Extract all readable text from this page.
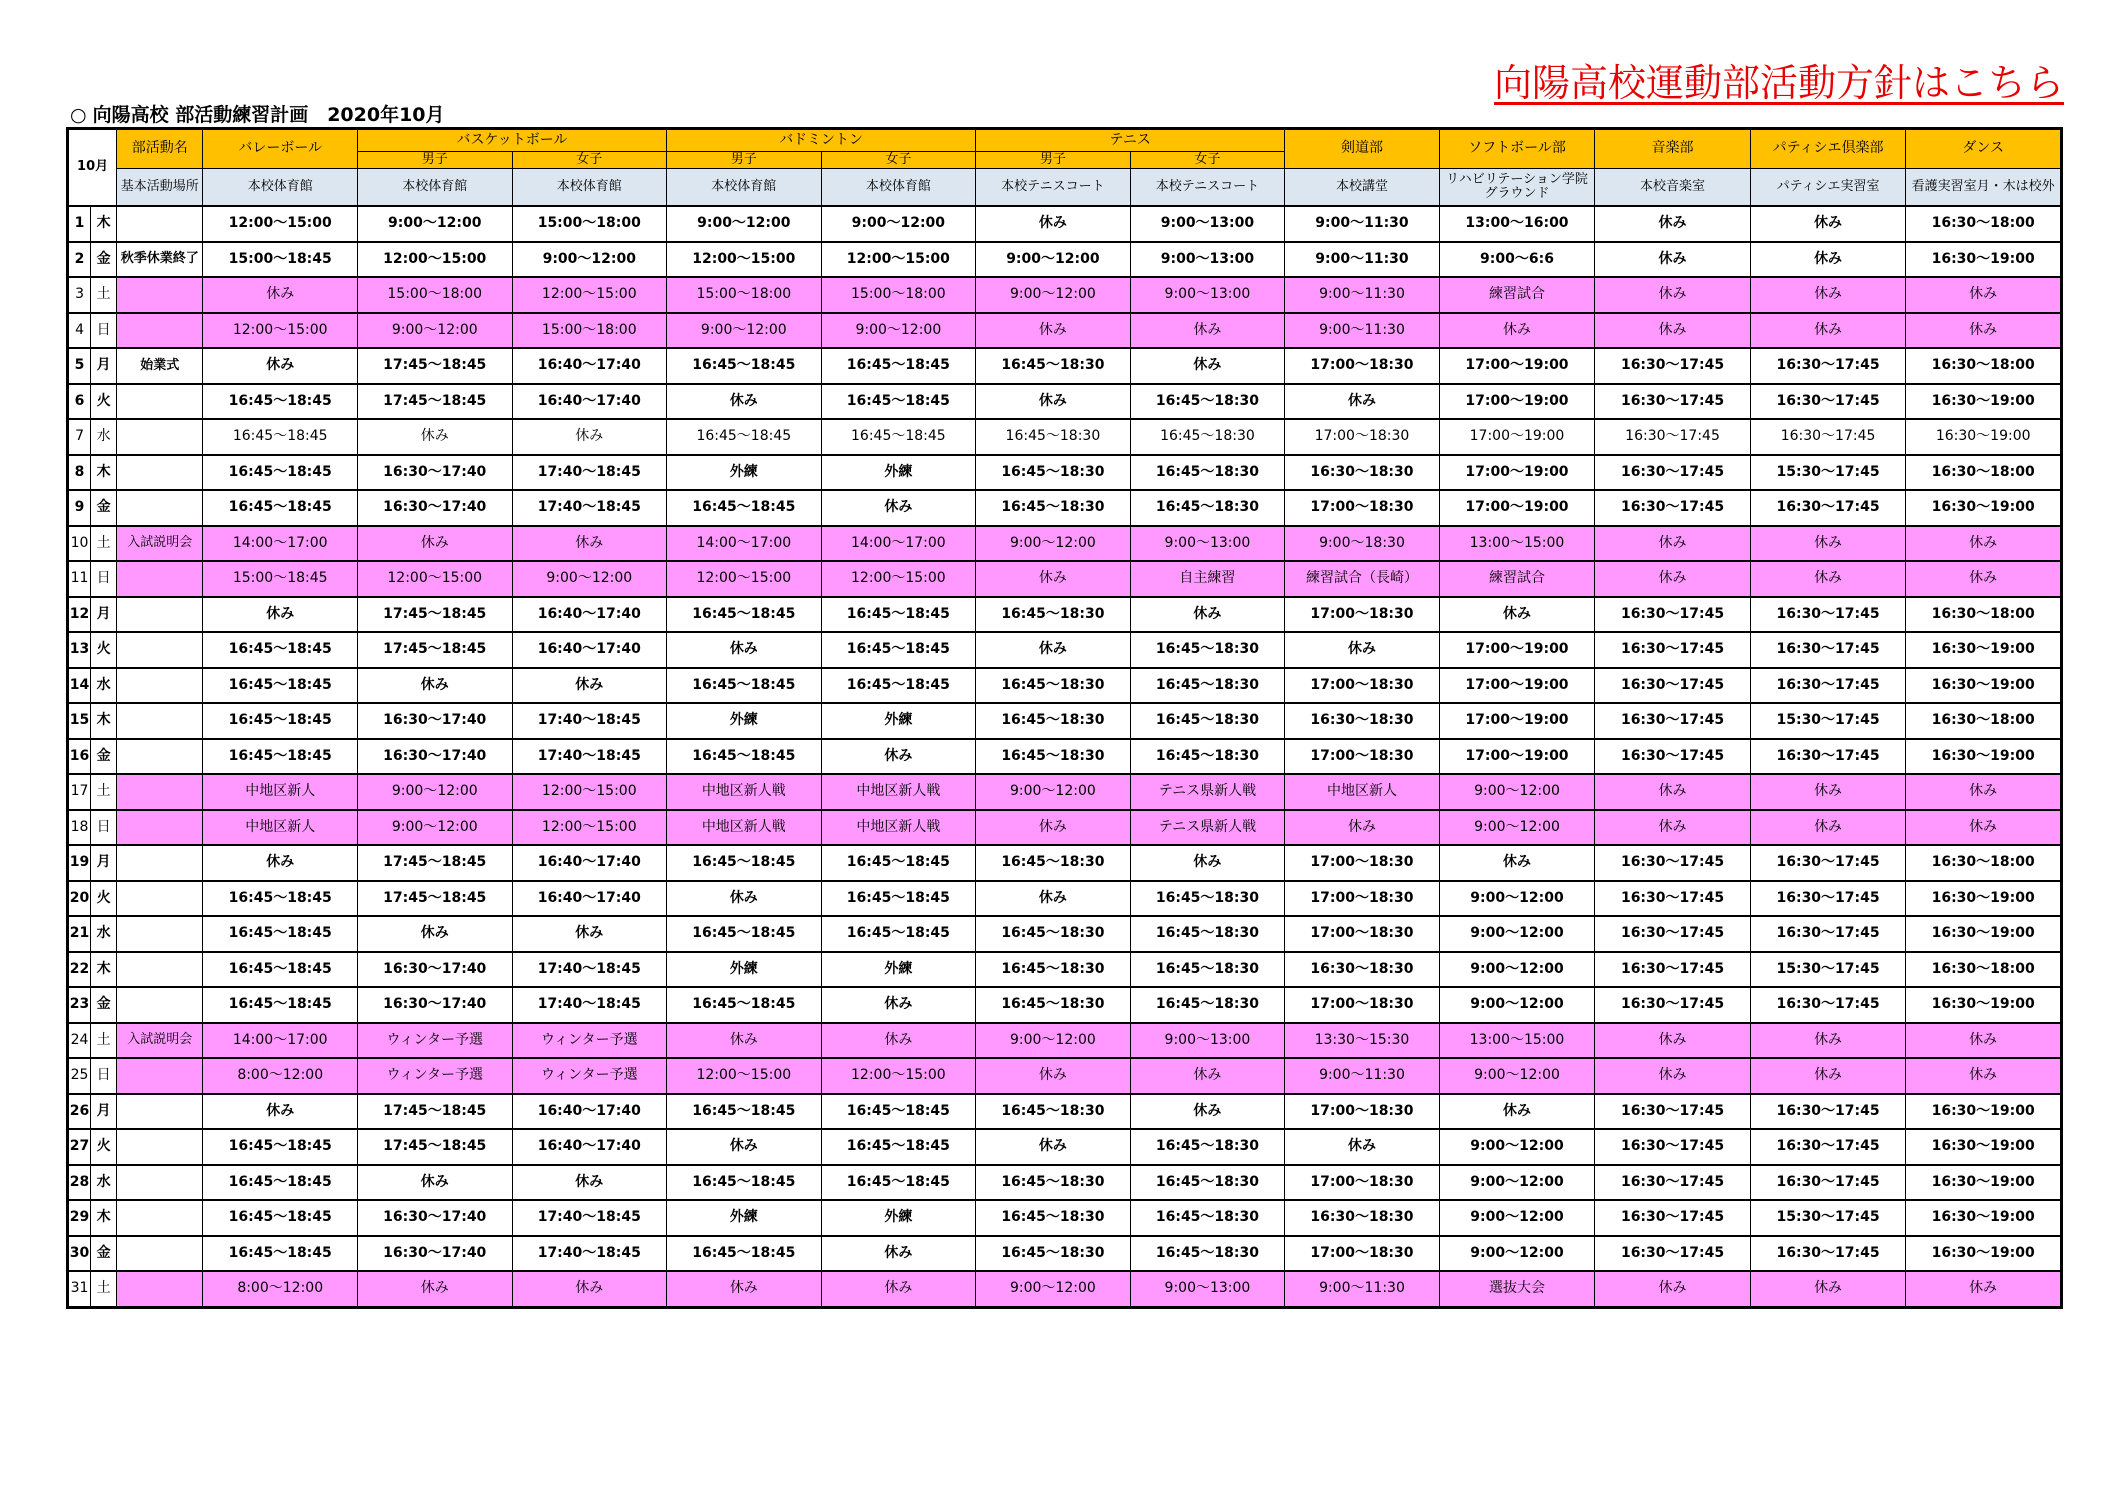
向陽高校運動部活動方針はこちら
○ 向陽高校 部活動練習計画　2020年10月
10月		部活動名	バレーボール	バスケットボール		バドミントン		テニス		剣道部	ソフトボール部	音楽部	パティシエ倶楽部	ダンス
				男子	女子	男子	女子	男子	女子					
		基本活動場所	本校体育館	本校体育館	本校体育館	本校体育館	本校体育館	本校テニスコート	本校テニスコート	本校講堂	リハビリテーション学院グラウンド	本校音楽室	パティシエ実習室	看護実習室月・木は校外
1	木		12:00～15:00	9:00～12:00	15:00～18:00	9:00～12:00	9:00～12:00	休み	9:00～13:00	9:00～11:30	13:00～16:00	休み	休み	16:30～18:00
2	金	秋季休業終了	15:00～18:45	12:00～15:00	9:00～12:00	12:00～15:00	12:00～15:00	9:00～12:00	9:00～13:00	9:00～11:30	9:00～6:6	休み	休み	16:30～19:00
3	土		休み	15:00～18:00	12:00～15:00	15:00～18:00	15:00～18:00	9:00～12:00	9:00～13:00	9:00～11:30	練習試合	休み	休み	休み
4	日		12:00～15:00	9:00～12:00	15:00～18:00	9:00～12:00	9:00～12:00	休み	休み	9:00～11:30	休み	休み	休み	休み
5	月	始業式	休み	17:45～18:45	16:40～17:40	16:45～18:45	16:45～18:45	16:45～18:30	休み	17:00～18:30	17:00～19:00	16:30～17:45	16:30～17:45	16:30～18:00
6	火		16:45～18:45	17:45～18:45	16:40～17:40	休み	16:45～18:45	休み	16:45～18:30	休み	17:00～19:00	16:30～17:45	16:30～17:45	16:30～19:00
7	水		16:45～18:45	休み	休み	16:45～18:45	16:45～18:45	16:45～18:30	16:45～18:30	17:00～18:30	17:00～19:00	16:30～17:45	16:30～17:45	16:30～19:00
8	木		16:45～18:45	16:30～17:40	17:40～18:45	外練	外練	16:45～18:30	16:45～18:30	16:30～18:30	17:00～19:00	16:30～17:45	15:30～17:45	16:30～18:00
9	金		16:45～18:45	16:30～17:40	17:40～18:45	16:45～18:45	休み	16:45～18:30	16:45～18:30	17:00～18:30	17:00～19:00	16:30～17:45	16:30～17:45	16:30～19:00
10	土	入試説明会	14:00～17:00	休み	休み	14:00～17:00	14:00～17:00	9:00～12:00	9:00～13:00	9:00～18:30	13:00～15:00	休み	休み	休み
11	日		15:00～18:45	12:00～15:00	9:00～12:00	12:00～15:00	12:00～15:00	休み	自主練習	練習試合（長崎）	練習試合	休み	休み	休み
12	月		休み	17:45～18:45	16:40～17:40	16:45～18:45	16:45～18:45	16:45～18:30	休み	17:00～18:30	休み	16:30～17:45	16:30～17:45	16:30～18:00
13	火		16:45～18:45	17:45～18:45	16:40～17:40	休み	16:45～18:45	休み	16:45～18:30	休み	17:00～19:00	16:30～17:45	16:30～17:45	16:30～19:00
14	水		16:45～18:45	休み	休み	16:45～18:45	16:45～18:45	16:45～18:30	16:45～18:30	17:00～18:30	17:00～19:00	16:30～17:45	16:30～17:45	16:30～19:00
15	木		16:45～18:45	16:30～17:40	17:40～18:45	外練	外練	16:45～18:30	16:45～18:30	16:30～18:30	17:00～19:00	16:30～17:45	15:30～17:45	16:30～18:00
16	金		16:45～18:45	16:30～17:40	17:40～18:45	16:45～18:45	休み	16:45～18:30	16:45～18:30	17:00～18:30	17:00～19:00	16:30～17:45	16:30～17:45	16:30～19:00
17	土		中地区新人	9:00～12:00	12:00～15:00	中地区新人戦	中地区新人戦	9:00～12:00	テニス県新人戦	中地区新人	9:00～12:00	休み	休み	休み
18	日		中地区新人	9:00～12:00	12:00～15:00	中地区新人戦	中地区新人戦	休み	テニス県新人戦	休み	9:00～12:00	休み	休み	休み
19	月		休み	17:45～18:45	16:40～17:40	16:45～18:45	16:45～18:45	16:45～18:30	休み	17:00～18:30	休み	16:30～17:45	16:30～17:45	16:30～18:00
20	火		16:45～18:45	17:45～18:45	16:40～17:40	休み	16:45～18:45	休み	16:45～18:30	17:00～18:30	9:00～12:00	16:30～17:45	16:30～17:45	16:30～19:00
21	水		16:45～18:45	休み	休み	16:45～18:45	16:45～18:45	16:45～18:30	16:45～18:30	17:00～18:30	9:00～12:00	16:30～17:45	16:30～17:45	16:30～19:00
22	木		16:45～18:45	16:30～17:40	17:40～18:45	外練	外練	16:45～18:30	16:45～18:30	16:30～18:30	9:00～12:00	16:30～17:45	15:30～17:45	16:30～18:00
23	金		16:45～18:45	16:30～17:40	17:40～18:45	16:45～18:45	休み	16:45～18:30	16:45～18:30	17:00～18:30	9:00～12:00	16:30～17:45	16:30～17:45	16:30～19:00
24	土	入試説明会	14:00～17:00	ウィンター予選	ウィンター予選	休み	休み	9:00～12:00	9:00～13:00	13:30～15:30	13:00～15:00	休み	休み	休み
25	日		8:00～12:00	ウィンター予選	ウィンター予選	12:00～15:00	12:00～15:00	休み	休み	9:00～11:30	9:00～12:00	休み	休み	休み
26	月		休み	17:45～18:45	16:40～17:40	16:45～18:45	16:45～18:45	16:45～18:30	休み	17:00～18:30	休み	16:30～17:45	16:30～17:45	16:30～19:00
27	火		16:45～18:45	17:45～18:45	16:40～17:40	休み	16:45～18:45	休み	16:45～18:30	休み	9:00～12:00	16:30～17:45	16:30～17:45	16:30～19:00
28	水		16:45～18:45	休み	休み	16:45～18:45	16:45～18:45	16:45～18:30	16:45～18:30	17:00～18:30	9:00～12:00	16:30～17:45	16:30～17:45	16:30～19:00
29	木		16:45～18:45	16:30～17:40	17:40～18:45	外練	外練	16:45～18:30	16:45～18:30	16:30～18:30	9:00～12:00	16:30～17:45	15:30～17:45	16:30～19:00
30	金		16:45～18:45	16:30～17:40	17:40～18:45	16:45～18:45	休み	16:45～18:30	16:45～18:30	17:00～18:30	9:00～12:00	16:30～17:45	16:30～17:45	16:30～19:00
31	土		8:00～12:00	休み	休み	休み	休み	9:00～12:00	9:00～13:00	9:00～11:30	選抜大会	休み	休み	休み
